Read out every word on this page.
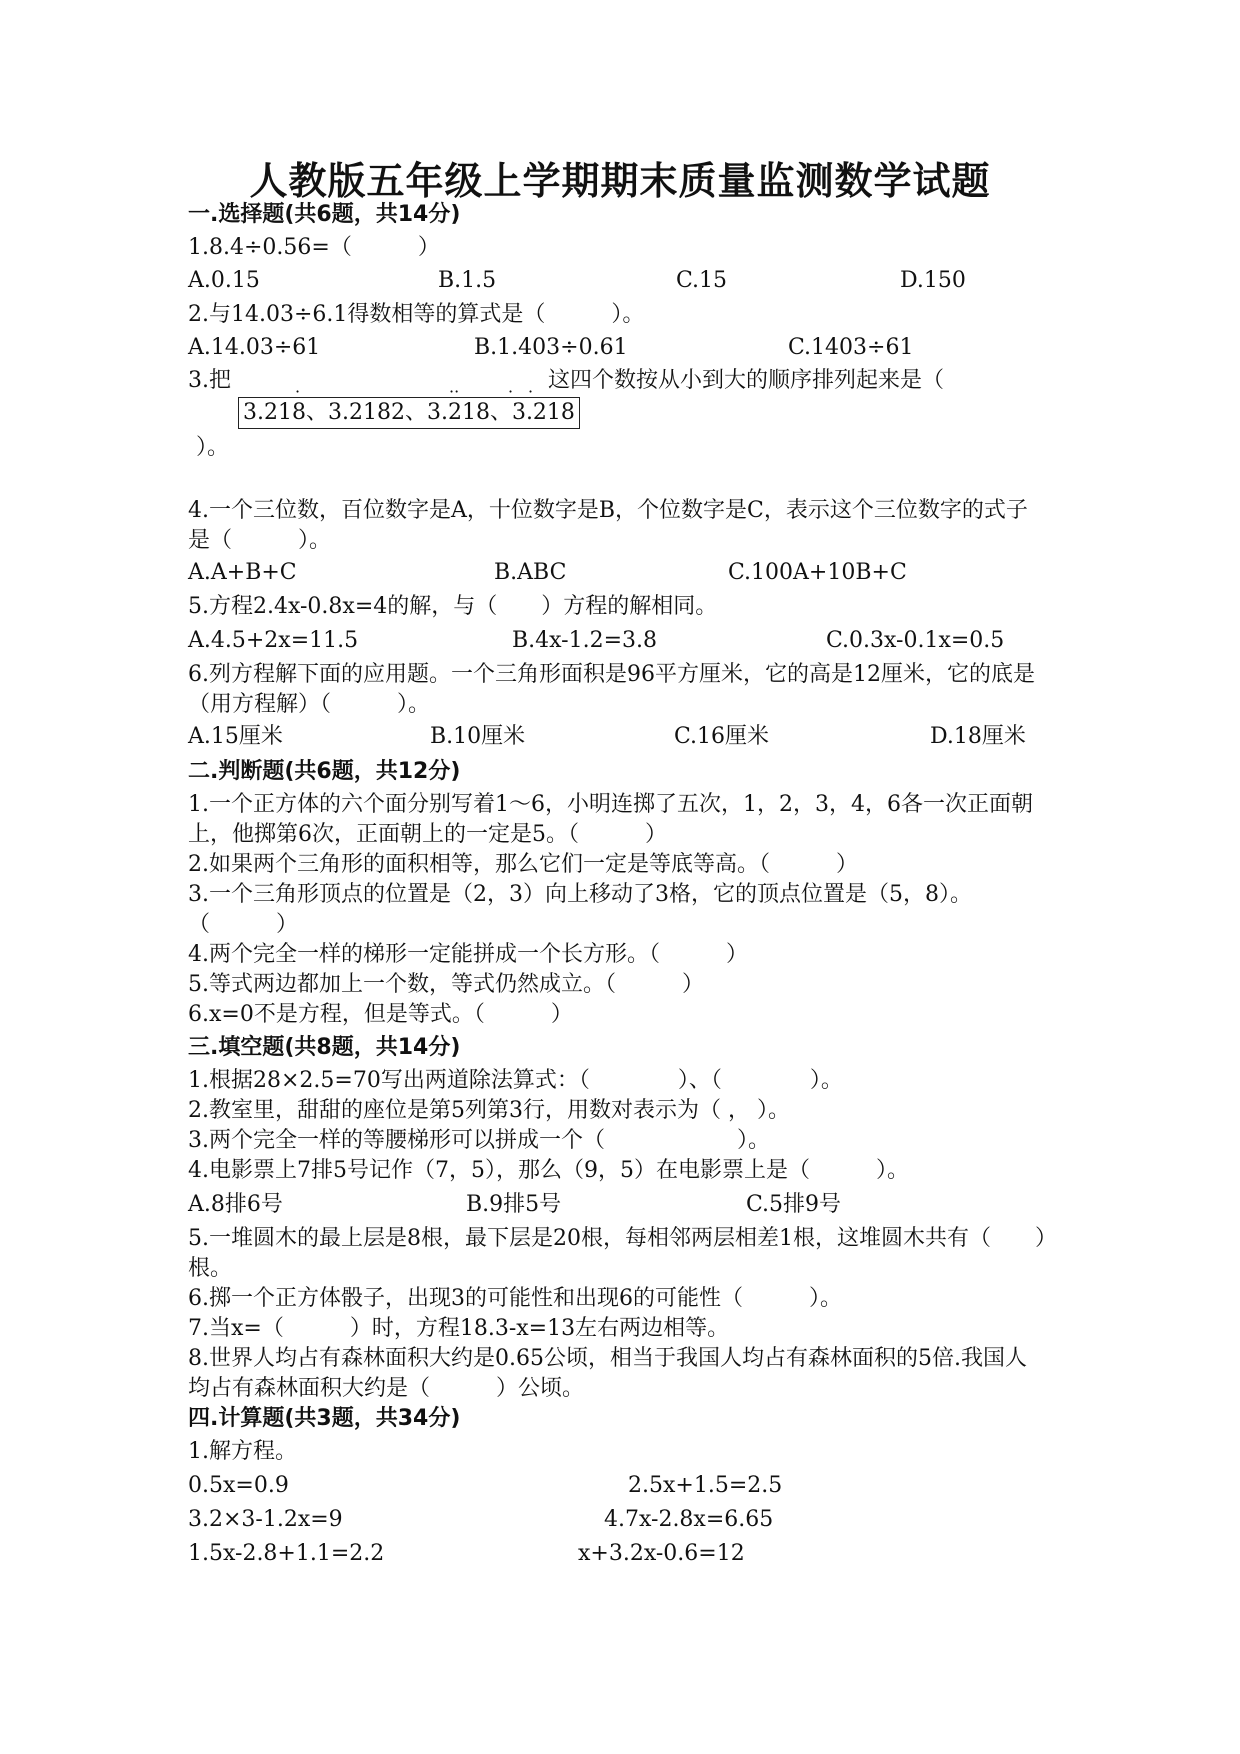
人教版五年级上学期期末质量监测数学试题
一.选择题(共6题，共14分)
1.8.4÷0.56=（　　　）
A.0.15	B.1.5	C.15	D.150
2.与14.03÷6.1得数相等的算式是（　　　）。
A.14.03÷61	B.1.403÷0.61	C.1403÷61
3.把
3.218、3.2182、3.218、3.218
·	··	· · 这四个数按从小到大的顺序排列起来是（
）。
4.一个三位数，百位数字是A，十位数字是B，个位数字是C，表示这个三位数字的式子是（　　　）。
A.A+B+C	B.ABC	C.100A+10B+C
5.方程2.4x-0.8x=4的解，与（　　）方程的解相同。
A.4.5+2x=11.5	B.4x-1.2=3.8	C.0.3x-0.1x=0.5
6.列方程解下面的应用题。一个三角形面积是96平方厘米，它的高是12厘米，它的底是（用方程解）（　　　）。
A.15厘米	B.10厘米	C.16厘米	D.18厘米
二.判断题(共6题，共12分)
1.一个正方体的六个面分别写着1～6，小明连掷了五次，1，2，3，4，6各一次正面朝上，他掷第6次，正面朝上的一定是5。（　　　）
2.如果两个三角形的面积相等，那么它们一定是等底等高。（　　　）
3.一个三角形顶点的位置是（2，3）向上移动了3格，它的顶点位置是（5，8）。（　　　）
4.两个完全一样的梯形一定能拼成一个长方形。（　　　）
5.等式两边都加上一个数，等式仍然成立。（　　　）
6.x=0不是方程，但是等式。（　　　）
三.填空题(共8题，共14分)
1.根据28×2.5=70写出两道除法算式：（　　　　）、（　　　　）。
2.教室里，甜甜的座位是第5列第3行，用数对表示为（ ， ）。
3.两个完全一样的等腰梯形可以拼成一个（　　　　　　）。
4.电影票上7排5号记作（7，5），那么（9，5）在电影票上是（　　　）。
A.8排6号	B.9排5号	C.5排9号
5.一堆圆木的最上层是8根，最下层是20根，每相邻两层相差1根，这堆圆木共有（　　）根。
6.掷一个正方体骰子，出现3的可能性和出现6的可能性（　　　）。
7.当x=（　　　）时，方程18.3-x=13左右两边相等。
8.世界人均占有森林面积大约是0.65公顷，相当于我国人均占有森林面积的5倍.我国人均占有森林面积大约是（　　　）公顷。
四.计算题(共3题，共34分)
1.解方程。
0.5x=0.9	2.5x+1.5=2.5
3.2×3-1.2x=9	4.7x-2.8x=6.65
1.5x-2.8+1.1=2.2	x+3.2x-0.6=12
